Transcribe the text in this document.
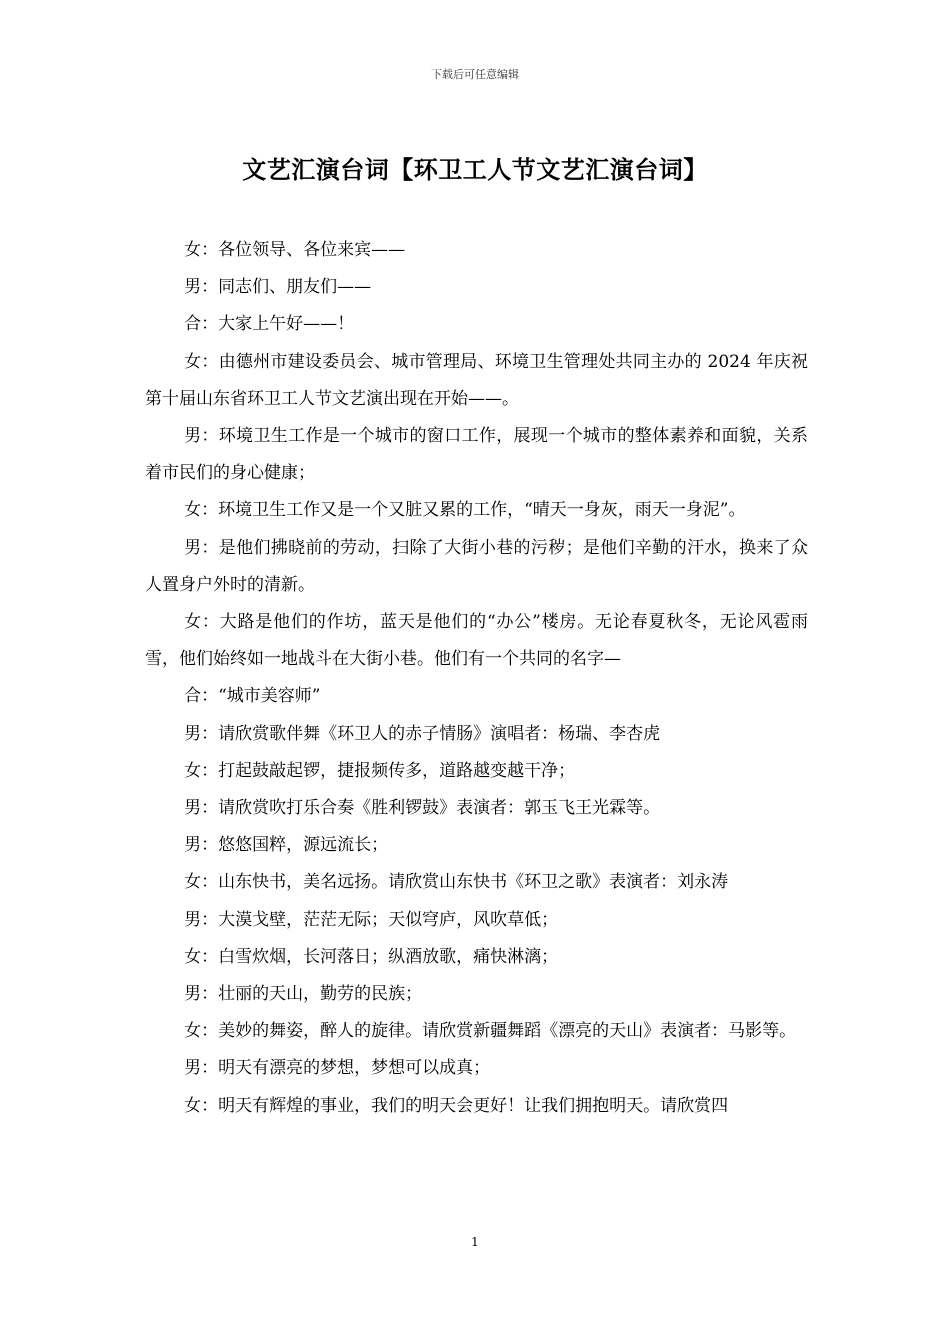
下载后可任意编辑
文艺汇演台词【环卫工人节文艺汇演台词】

女：各位领导、各位来宾——

男：同志们、朋友们——

合：大家上午好——！

女：由德州市建设委员会、城市管理局、环境卫生管理处共同主办的 2024 年庆祝第十届山东省环卫工人节文艺演出现在开始——。

男：环境卫生工作是一个城市的窗口工作，展现一个城市的整体素养和面貌，关系着市民们的身心健康；

女：环境卫生工作又是一个又脏又累的工作，“晴天一身灰，雨天一身泥”。

男：是他们拂晓前的劳动，扫除了大街小巷的污秽；是他们辛勤的汗水，换来了众人置身户外时的清新。

女：大路是他们的作坊，蓝天是他们的“办公”楼房。无论春夏秋冬，无论风雹雨雪，他们始终如一地战斗在大街小巷。他们有一个共同的名字—

合：“城市美容师”

男：请欣赏歌伴舞《环卫人的赤子情肠》演唱者：杨瑞、李杏虎

女：打起鼓敲起锣，捷报频传多，道路越变越干净；

男：请欣赏吹打乐合奏《胜利锣鼓》表演者：郭玉飞王光霖等。

男：悠悠国粹，源远流长；

女：山东快书，美名远扬。请欣赏山东快书《环卫之歌》表演者：刘永涛

男：大漠戈壁，茫茫无际；天似穹庐，风吹草低；

女：白雪炊烟，长河落日；纵酒放歌，痛快淋漓；

男：壮丽的天山，勤劳的民族；

女：美妙的舞姿，醉人的旋律。请欣赏新疆舞蹈《漂亮的天山》表演者：马影等。

男：明天有漂亮的梦想，梦想可以成真；

女：明天有辉煌的事业，我们的明天会更好！让我们拥抱明天。请欣赏四

1
